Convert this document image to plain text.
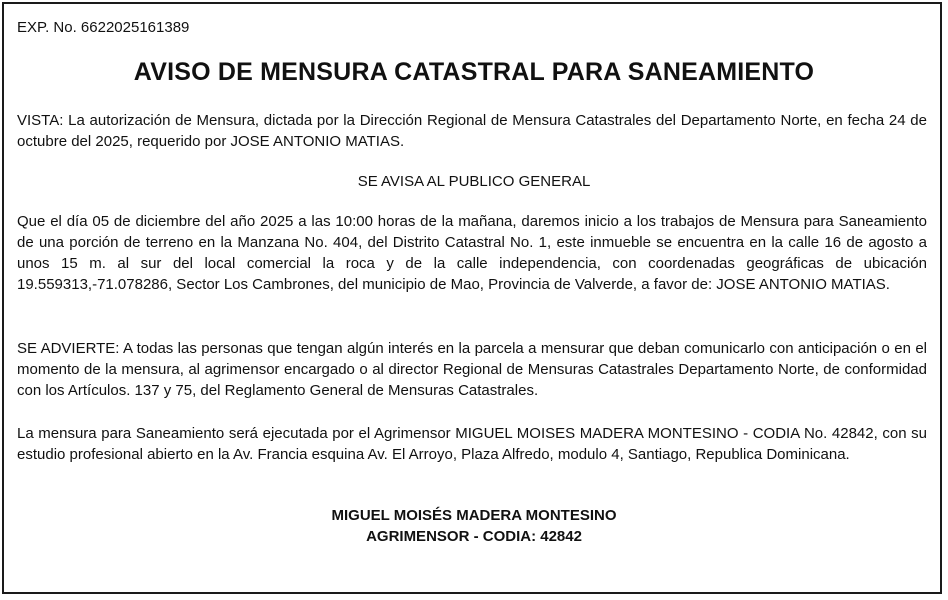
EXP. No. 6622025161389
AVISO DE MENSURA CATASTRAL PARA SANEAMIENTO
VISTA: La autorización de Mensura, dictada por la Dirección Regional de Mensura Catastrales del Departamento Norte, en fecha 24 de octubre del 2025, requerido por JOSE ANTONIO MATIAS.
SE AVISA AL PUBLICO GENERAL
Que el día 05 de diciembre del año 2025 a las 10:00 horas de la mañana, daremos inicio a los trabajos de Mensura para Saneamiento de una porción de terreno en la Manzana No. 404, del Distrito Catastral No. 1, este inmueble se encuentra en la calle 16 de agosto a unos 15 m. al sur del local comercial la roca y de la calle independencia, con coordenadas geográficas de ubicación 19.559313,-71.078286, Sector Los Cambrones, del municipio de Mao, Provincia de Valverde, a favor de: JOSE ANTONIO MATIAS.
SE ADVIERTE: A todas las personas que tengan algún interés en la parcela a mensurar que deban comunicarlo con anticipación o en el momento de la mensura, al agrimensor encargado o al director Regional de Mensuras Catastrales Departamento Norte, de conformidad con los Artículos. 137 y 75, del Reglamento General de Mensuras Catastrales.
La mensura para Saneamiento será ejecutada por el Agrimensor MIGUEL MOISES MADERA MONTESINO - CODIA No. 42842, con su estudio profesional abierto en la Av. Francia esquina Av. El Arroyo, Plaza Alfredo, modulo 4, Santiago, Republica Dominicana.
MIGUEL MOISÉS MADERA MONTESINO
AGRIMENSOR - CODIA: 42842
